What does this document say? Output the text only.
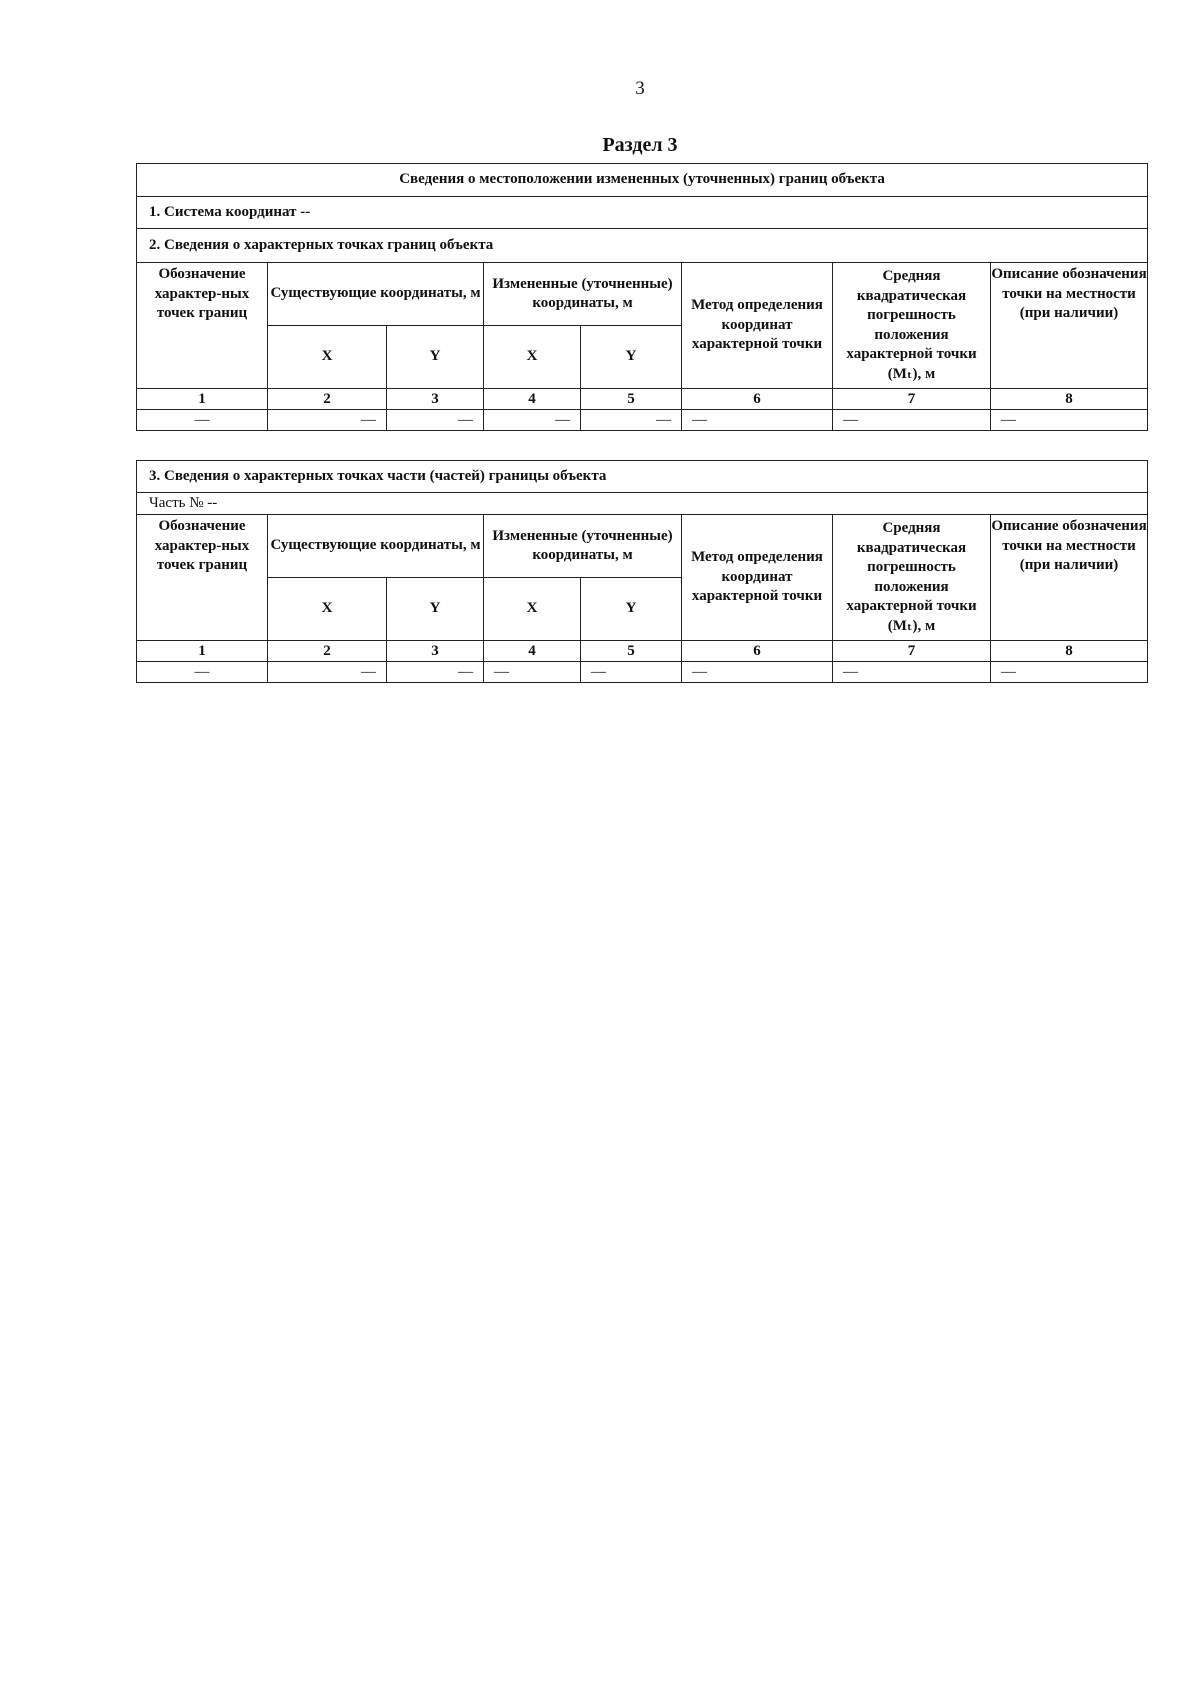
3
Раздел 3
Сведения о местоположении измененных (уточненных) границ объекта							
1. Система координат --							
2. Сведения о характерных точках границ объекта							
Обозначение характер-ных точек границ	Существующие координаты, м		Измененные (уточненные) координаты, м		Метод определения координат характерной точки	Средняя квадратическая погрешность положения характерной точки (Mₜ), м	Описание обозначения точки на местности (при наличии)
	X	Y	X	Y			
1	2	3	4	5	6	7	8
—	—	—	—	—	—	—	—
3. Сведения о характерных точках части (частей) границы объекта							
Часть № --							
Обозначение характер-ных точек границ	Существующие координаты, м		Измененные (уточненные) координаты, м		Метод определения координат характерной точки	Средняя квадратическая погрешность положения характерной точки (Mₜ), м	Описание обозначения точки на местности (при наличии)
	X	Y	X	Y			
1	2	3	4	5	6	7	8
—	—	—	—	—	—	—	—
